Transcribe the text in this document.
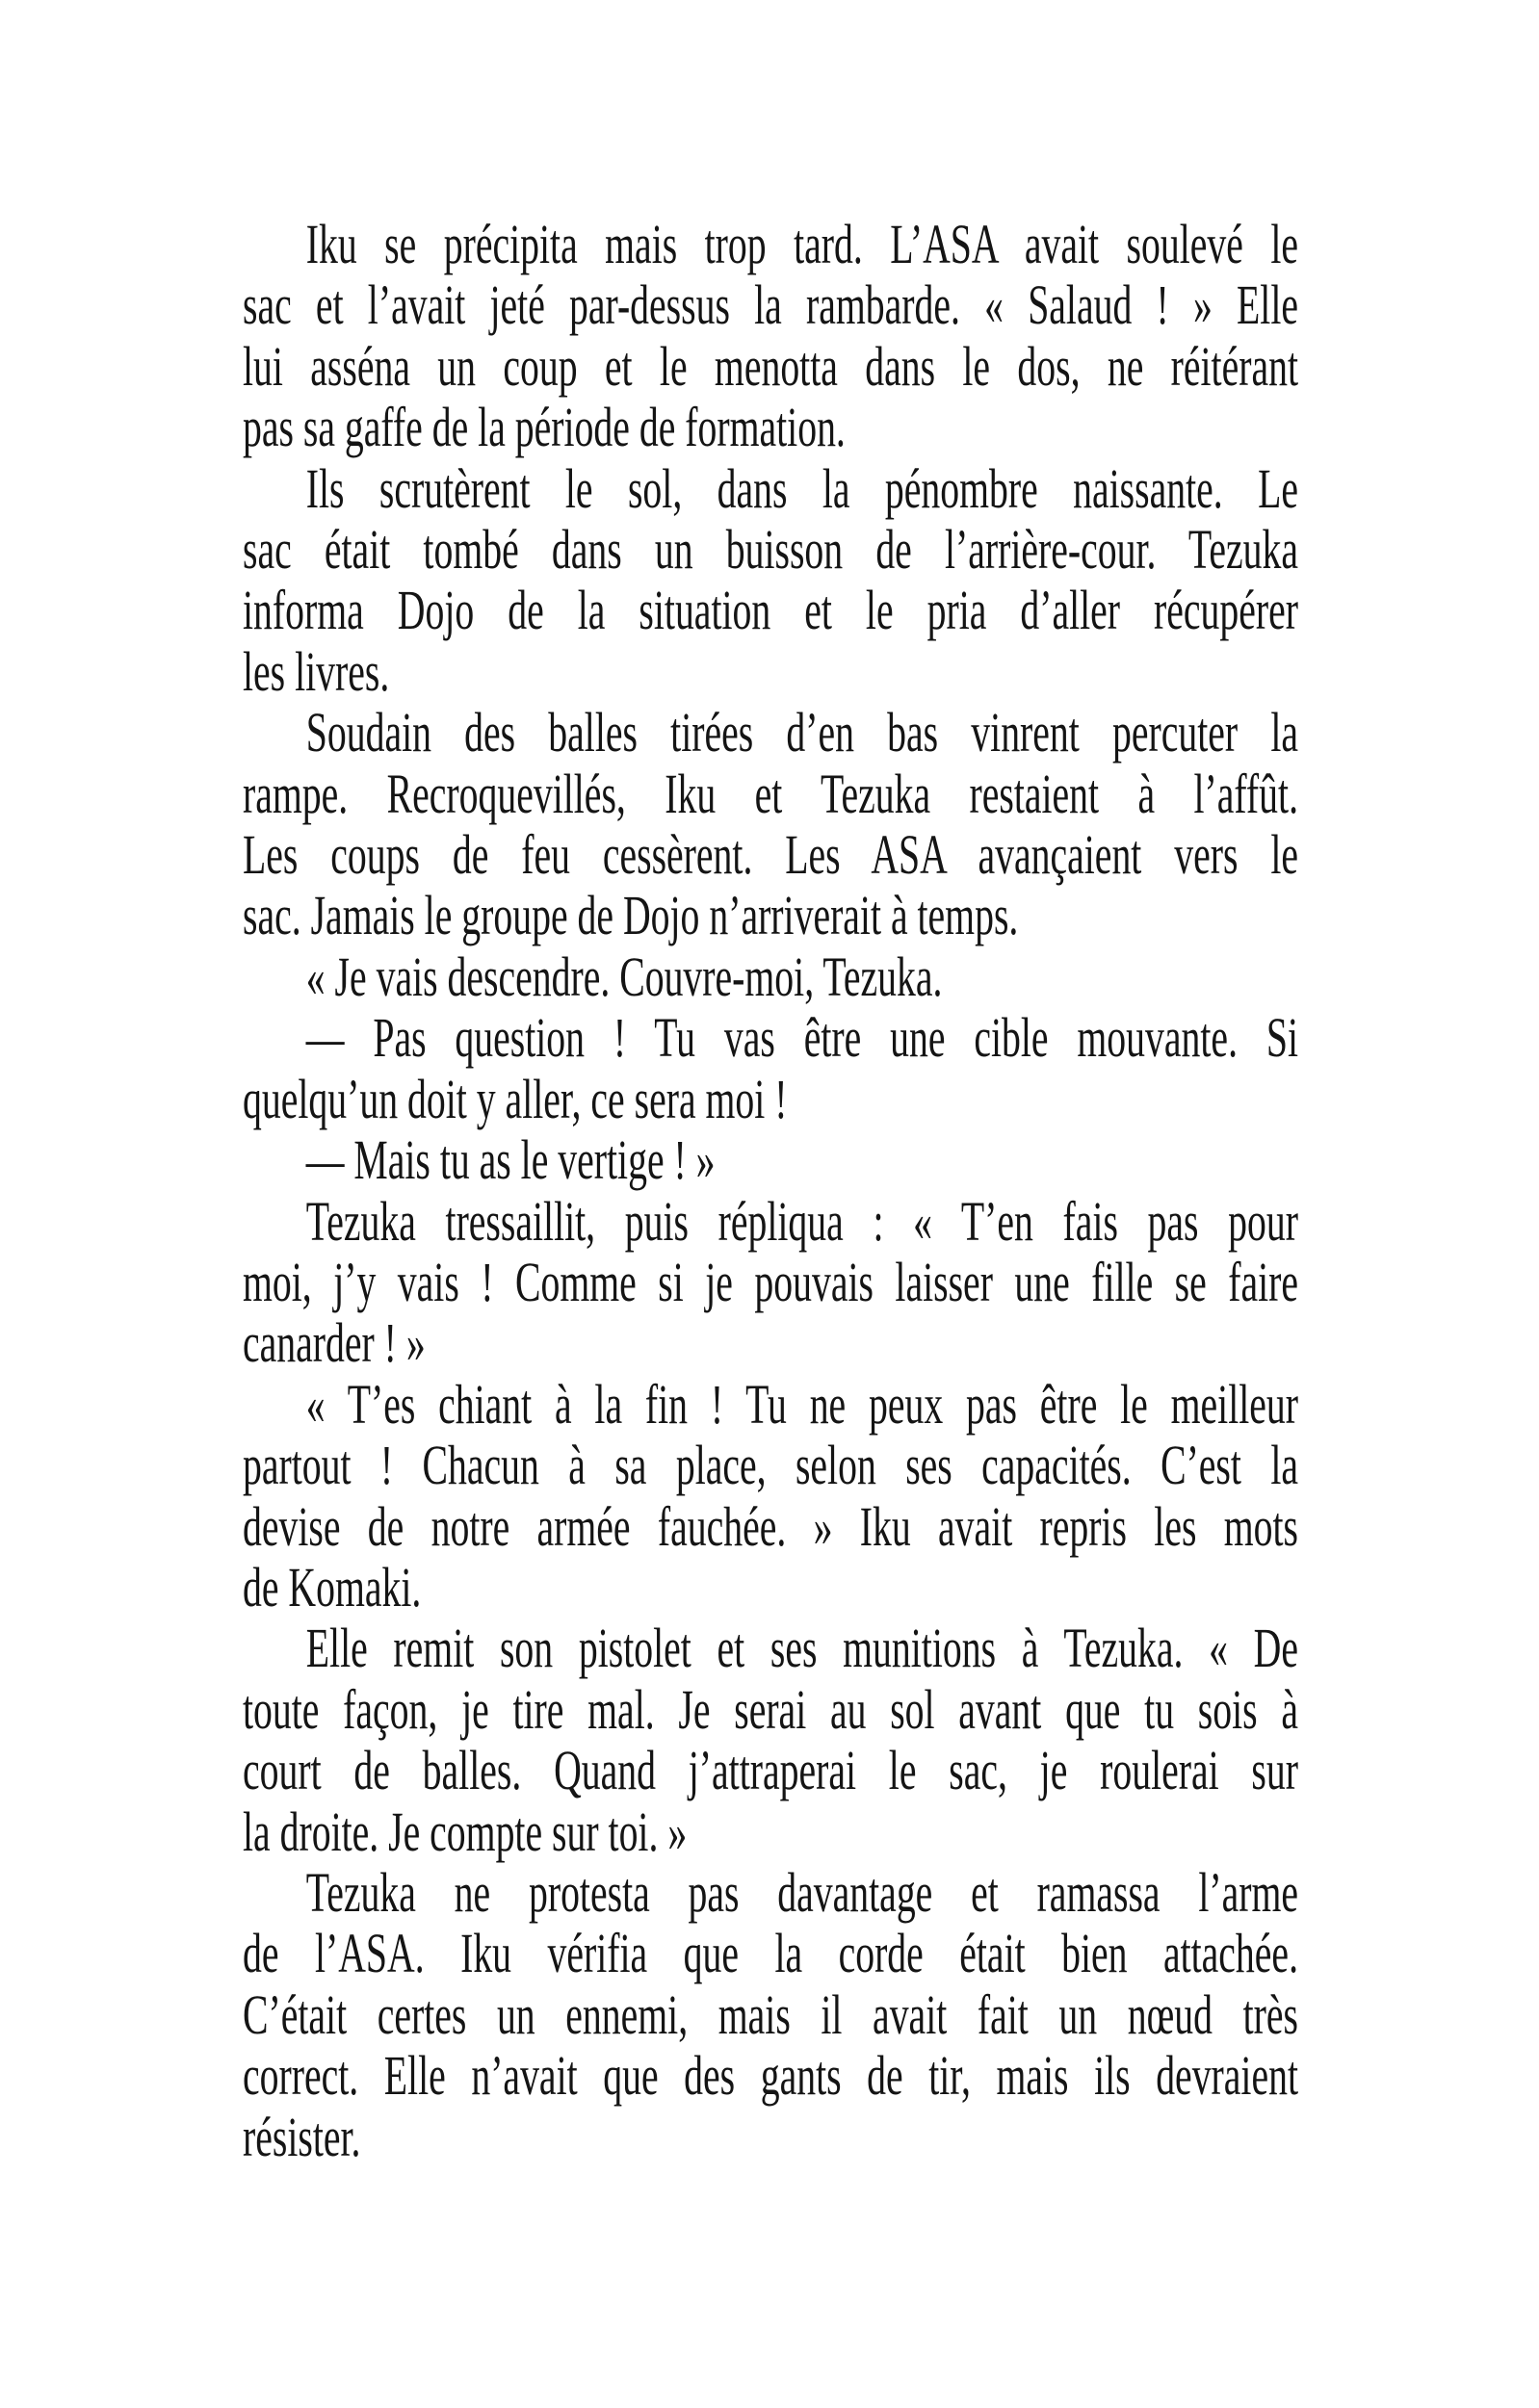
Iku se précipita mais trop tard. L’ASA avait soulevé le
sac et l’avait jeté par-dessus la rambarde. « Salaud ! » Elle
lui asséna un coup et le menotta dans le dos, ne réitérant
pas sa gaffe de la période de formation.
Ils scrutèrent le sol, dans la pénombre naissante. Le
sac était tombé dans un buisson de l’arrière-cour. Tezuka
informa Dojo de la situation et le pria d’aller récupérer
les livres.
Soudain des balles tirées d’en bas vinrent percuter la
rampe. Recroquevillés, Iku et Tezuka restaient à l’affût.
Les coups de feu cessèrent. Les ASA avançaient vers le
sac. Jamais le groupe de Dojo n’arriverait à temps.
« Je vais descendre. Couvre-moi, Tezuka.
— Pas question ! Tu vas être une cible mouvante. Si
quelqu’un doit y aller, ce sera moi !
— Mais tu as le vertige ! »
Tezuka tressaillit, puis répliqua : « T’en fais pas pour
moi, j’y vais ! Comme si je pouvais laisser une fille se faire
canarder ! »
« T’es chiant à la fin ! Tu ne peux pas être le meilleur
partout ! Chacun à sa place, selon ses capacités. C’est la
devise de notre armée fauchée. » Iku avait repris les mots
de Komaki.
Elle remit son pistolet et ses munitions à Tezuka. « De
toute façon, je tire mal. Je serai au sol avant que tu sois à
court de balles. Quand j’attraperai le sac, je roulerai sur
la droite. Je compte sur toi. »
Tezuka ne protesta pas davantage et ramassa l’arme
de l’ASA. Iku vérifia que la corde était bien attachée.
C’était certes un ennemi, mais il avait fait un nœud très
correct. Elle n’avait que des gants de tir, mais ils devraient
résister.
